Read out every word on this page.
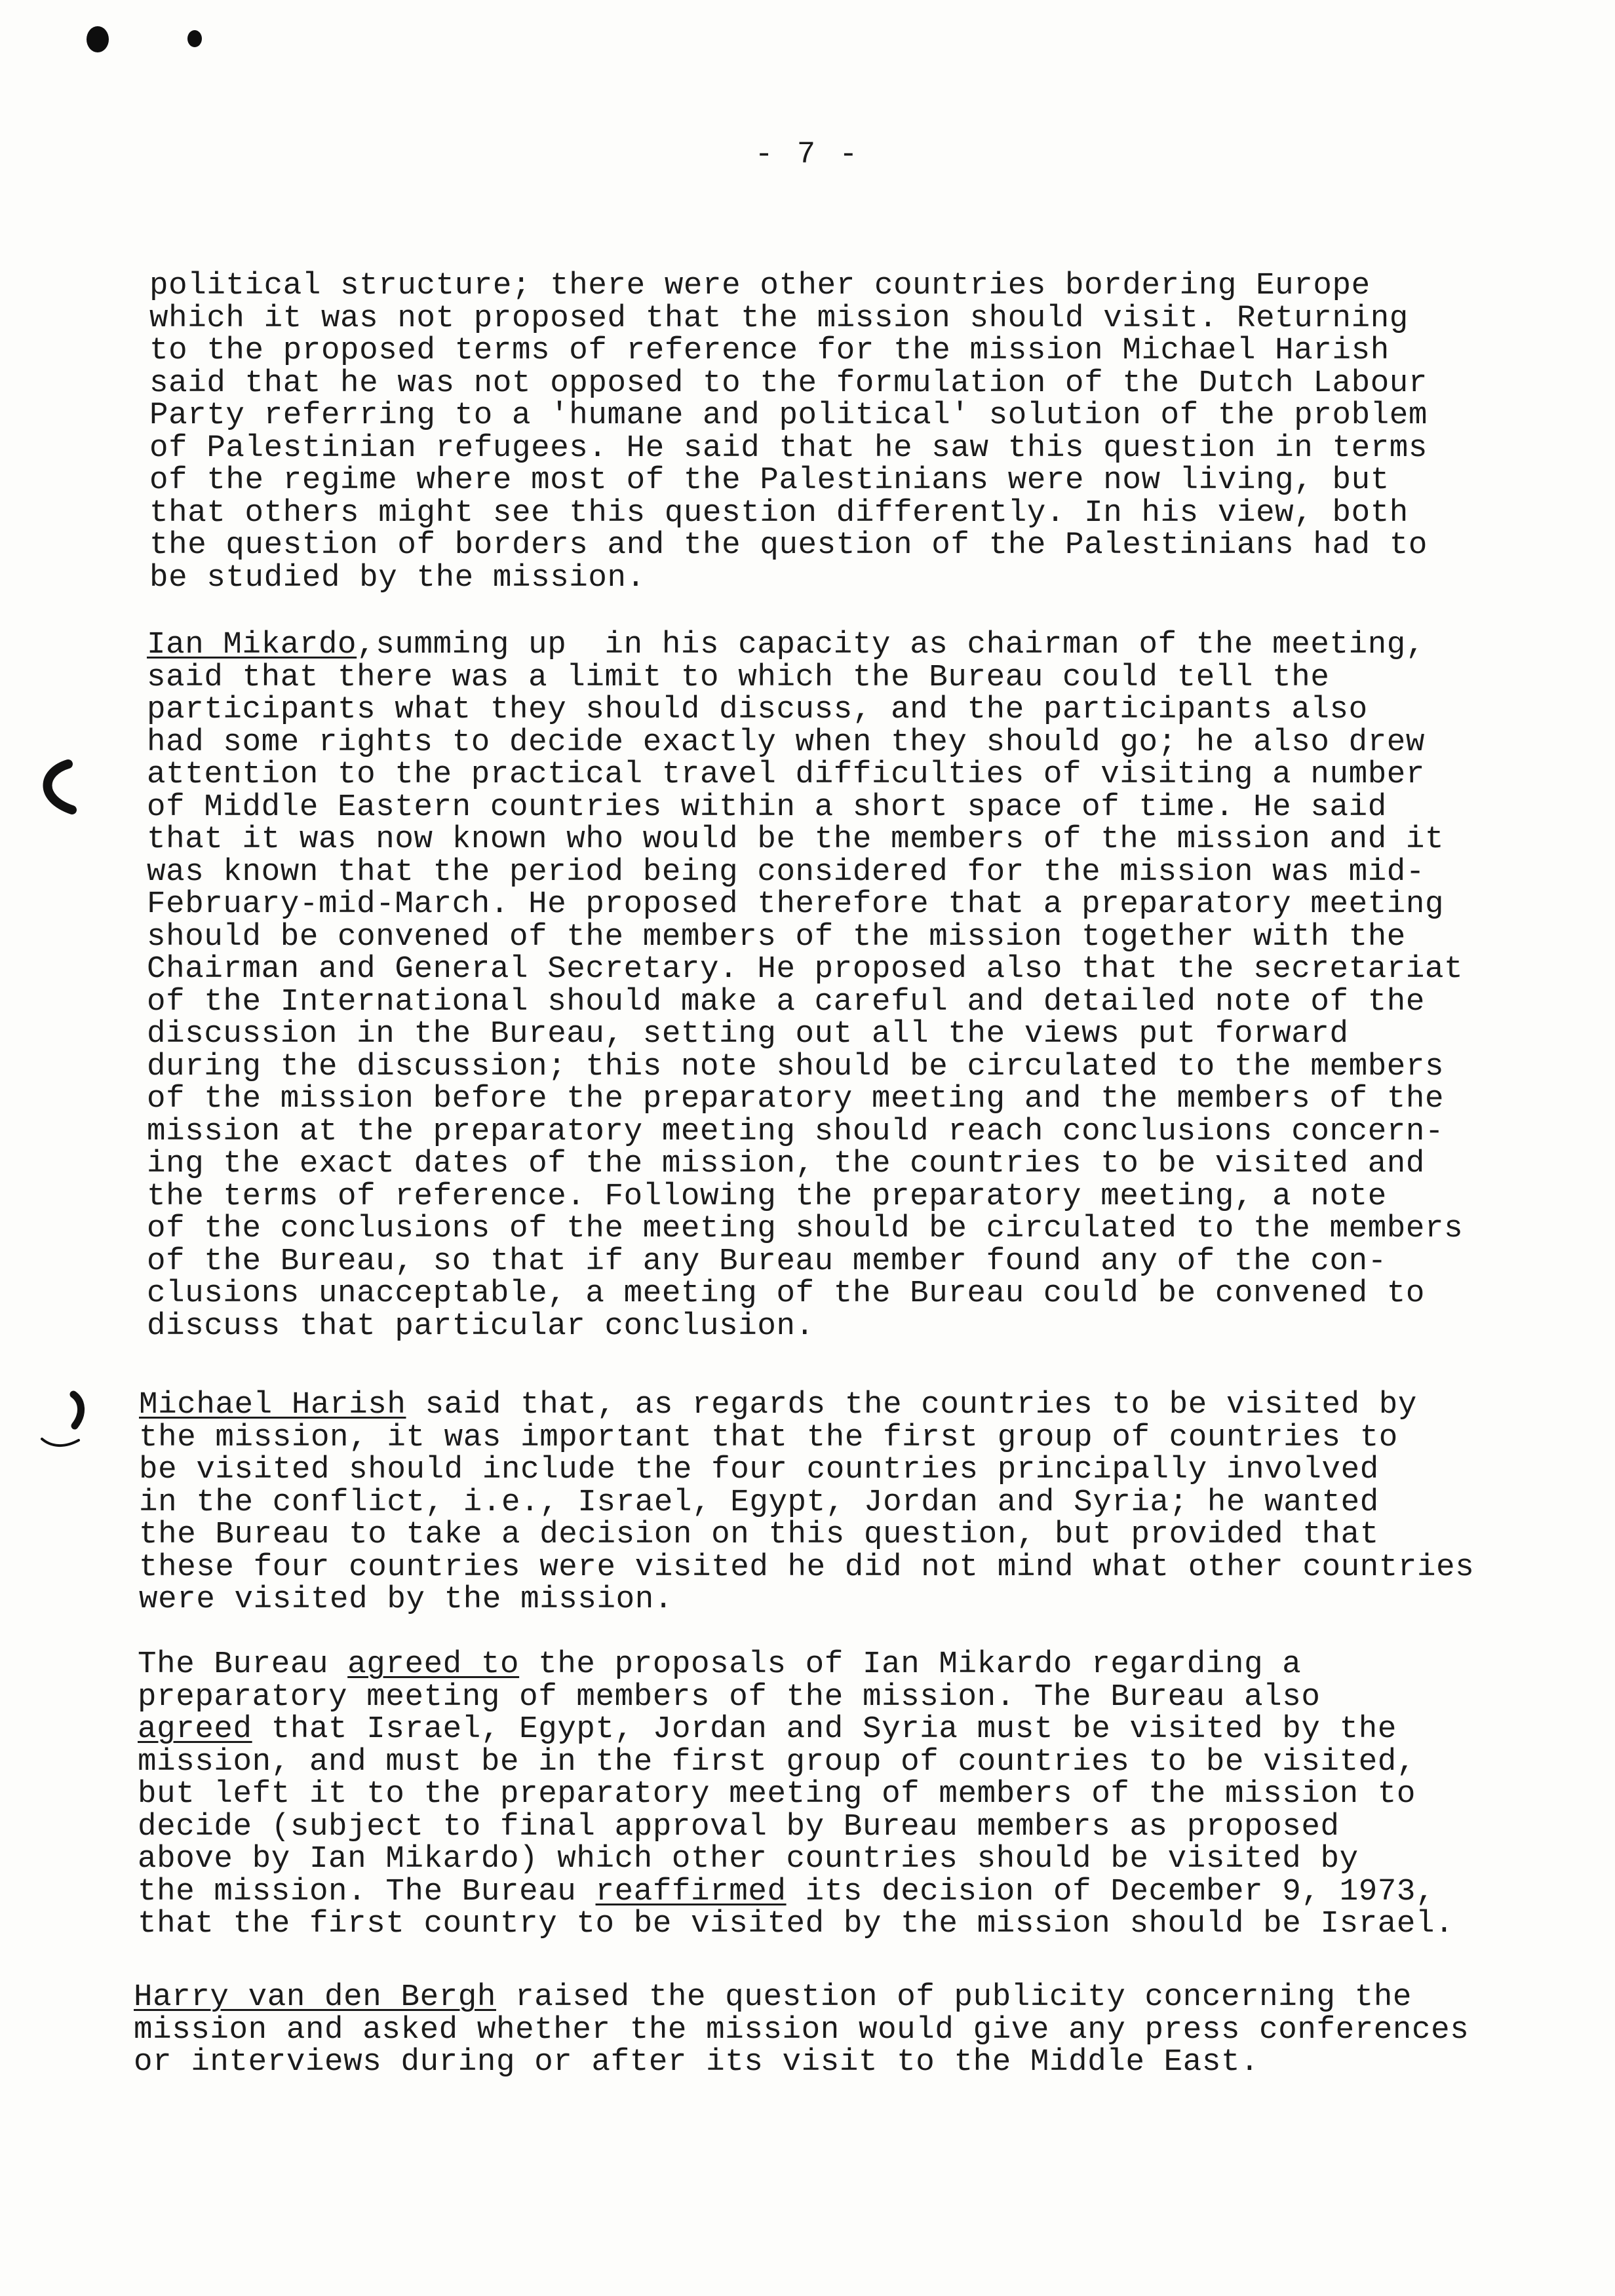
- 7 -
political structure; there were other countries bordering Europe
which it was not proposed that the mission should visit. Returning
to the proposed terms of reference for the mission Michael Harish
said that he was not opposed to the formulation of the Dutch Labour
Party referring to a 'humane and political' solution of the problem
of Palestinian refugees. He said that he saw this question in terms
of the regime where most of the Palestinians were now living, but
that others might see this question differently. In his view, both
the question of borders and the question of the Palestinians had to
be studied by the mission.
Ian Mikardo,summing up  in his capacity as chairman of the meeting,
said that there was a limit to which the Bureau could tell the
participants what they should discuss, and the participants also
had some rights to decide exactly when they should go; he also drew
attention to the practical travel difficulties of visiting a number
of Middle Eastern countries within a short space of time. He said
that it was now known who would be the members of the mission and it
was known that the period being considered for the mission was mid-
February-mid-March. He proposed therefore that a preparatory meeting
should be convened of the members of the mission together with the
Chairman and General Secretary. He proposed also that the secretariat
of the International should make a careful and detailed note of the
discussion in the Bureau, setting out all the views put forward
during the discussion; this note should be circulated to the members
of the mission before the preparatory meeting and the members of the
mission at the preparatory meeting should reach conclusions concern-
ing the exact dates of the mission, the countries to be visited and
the terms of reference. Following the preparatory meeting, a note
of the conclusions of the meeting should be circulated to the members
of the Bureau, so that if any Bureau member found any of the con-
clusions unacceptable, a meeting of the Bureau could be convened to
discuss that particular conclusion.
Michael Harish said that, as regards the countries to be visited by
the mission, it was important that the first group of countries to
be visited should include the four countries principally involved
in the conflict, i.e., Israel, Egypt, Jordan and Syria; he wanted
the Bureau to take a decision on this question, but provided that
these four countries were visited he did not mind what other countries
were visited by the mission.
The Bureau agreed to the proposals of Ian Mikardo regarding a
preparatory meeting of members of the mission. The Bureau also
agreed that Israel, Egypt, Jordan and Syria must be visited by the
mission, and must be in the first group of countries to be visited,
but left it to the preparatory meeting of members of the mission to
decide (subject to final approval by Bureau members as proposed
above by Ian Mikardo) which other countries should be visited by
the mission. The Bureau reaffirmed its decision of December 9, 1973,
that the first country to be visited by the mission should be Israel.
Harry van den Bergh raised the question of publicity concerning the
mission and asked whether the mission would give any press conferences
or interviews during or after its visit to the Middle East.
